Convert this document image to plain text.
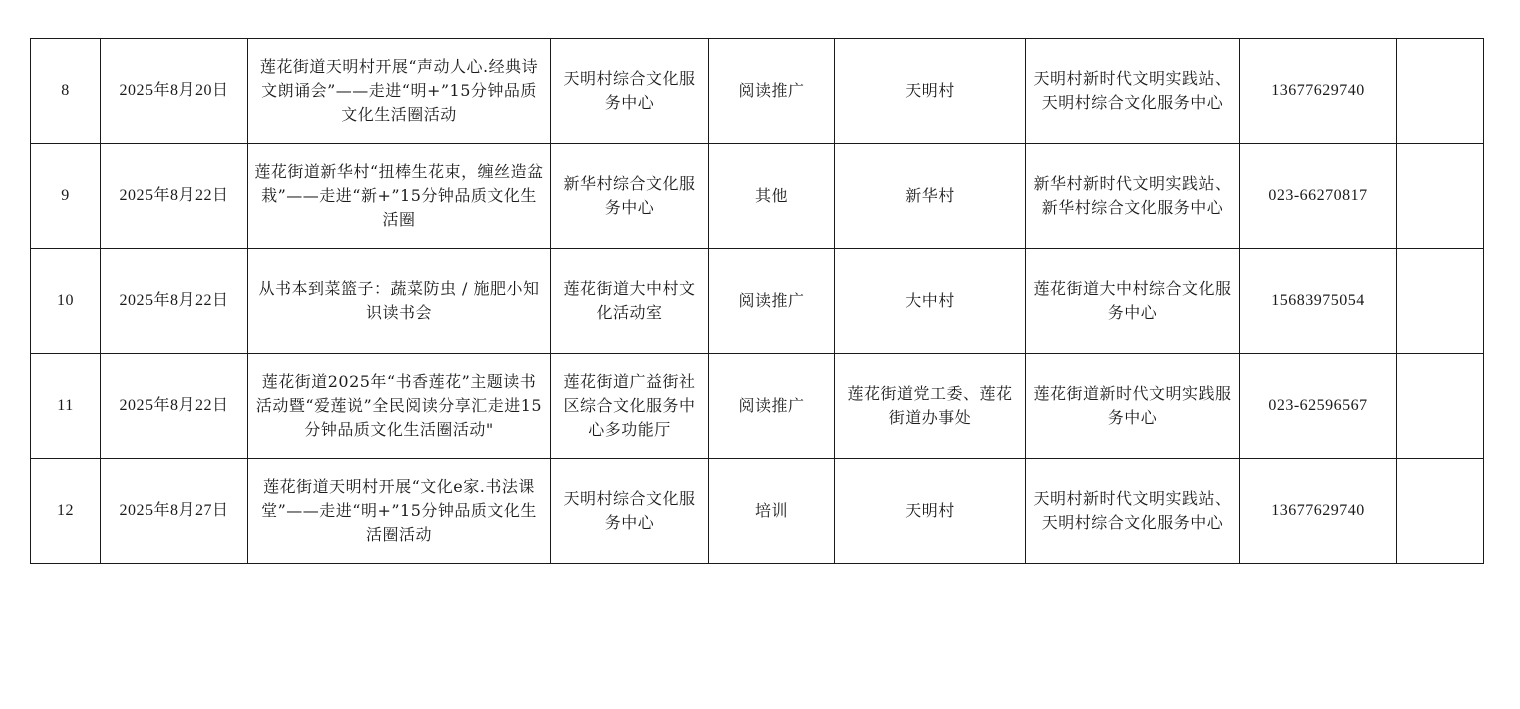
8	2025年8月20日	莲花街道天明村开展“声动人心.经典诗文朗诵会”——走进“明+”15分钟品质文化生活圈活动	天明村综合文化服务中心	阅读推广	天明村	天明村新时代文明实践站、天明村综合文化服务中心	13677629740	
9	2025年8月22日	莲花街道新华村“扭棒生花束，缠丝造盆栽”——走进“新+”15分钟品质文化生活圈	新华村综合文化服务中心	其他	新华村	新华村新时代文明实践站、新华村综合文化服务中心	023-66270817	
10	2025年8月22日	从书本到菜篮子：蔬菜防虫 / 施肥小知识读书会	莲花街道大中村文化活动室	阅读推广	大中村	莲花街道大中村综合文化服务中心	15683975054	
11	2025年8月22日	莲花街道2025年“书香莲花”主题读书活动暨“爱莲说”全民阅读分享汇走进15分钟品质文化生活圈活动"	莲花街道广益街社区综合文化服务中心多功能厅	阅读推广	莲花街道党工委、莲花街道办事处	莲花街道新时代文明实践服务中心	023-62596567	
12	2025年8月27日	莲花街道天明村开展“文化e家.书法课堂”——走进“明+”15分钟品质文化生活圈活动	天明村综合文化服务中心	培训	天明村	天明村新时代文明实践站、天明村综合文化服务中心	13677629740	
